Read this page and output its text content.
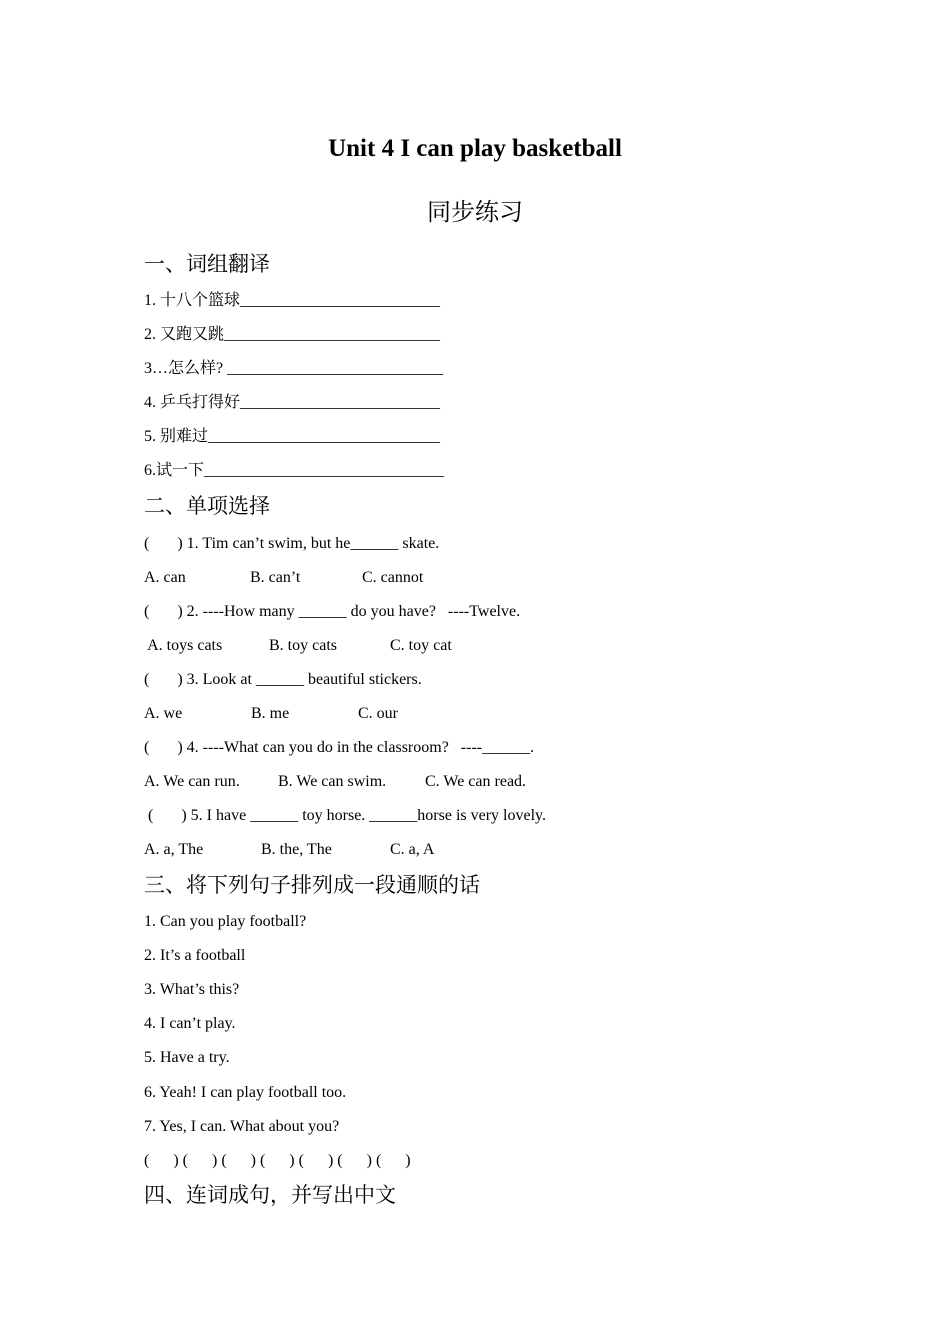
Unit 4 I can play basketball
同步练习
一、词组翻译
1. 十八个篮球_________________________
2. 又跑又跳___________________________
3…怎么样? ___________________________
4. 乒乓打得好_________________________
5. 别难过_____________________________
6.试一下______________________________
二、单项选择
(       ) 1. Tim can’t swim, but he______ skate.
A. can	B. can’t	C. cannot
(       ) 2. ----How many ______ do you have?   ----Twelve.
A. toys cats	B. toy cats	C. toy cat
(       ) 3. Look at ______ beautiful stickers.
A. we	B. me	C. our
(       ) 4. ----What can you do in the classroom?   ----______.
A. We can run. B. We can swim. C. We can read.
(       ) 5. I have ______ toy horse. ______horse is very lovely.
A. a, The	B. the, The	C. a, A
三、将下列句子排列成一段通顺的话
1. Can you play football?
2. It’s a football
3. What’s this?
4. I can’t play.
5. Have a try.
6. Yeah! I can play football too.
7. Yes, I can. What about you?
(      ) (      ) (      ) (      ) (      ) (      ) (      )
四、连词成句，并写出中文
